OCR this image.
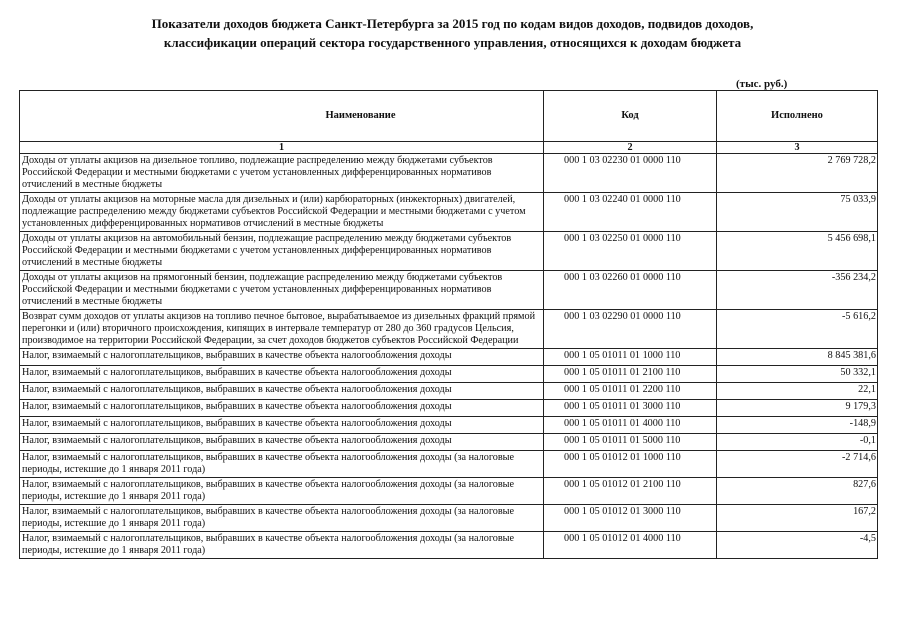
Показатели доходов бюджета Санкт-Петербурга за 2015 год по кодам видов доходов, подвидов доходов,
классификации операций сектора государственного управления, относящихся к доходам бюджета
(тыс. руб.)
Наименование	Код	Исполнено
1	2	3
Доходы от уплаты акцизов на дизельное топливо, подлежащие распределению между бюджетами субъектов Российской Федерации и местными бюджетами с учетом установленных дифференцированных нормативов отчислений в местные бюджеты	000 1 03 02230 01 0000 110	2 769 728,2
Доходы от уплаты акцизов на моторные масла для дизельных и (или) карбюраторных (инжекторных) двигателей, подлежащие распределению между бюджетами субъектов Российской Федерации и местными бюджетами с учетом установленных дифференцированных нормативов отчислений в местные бюджеты	000 1 03 02240 01 0000 110	75 033,9
Доходы от уплаты акцизов на автомобильный бензин, подлежащие распределению между бюджетами субъектов Российской Федерации и местными бюджетами с учетом установленных дифференцированных нормативов отчислений в местные бюджеты	000 1 03 02250 01 0000 110	5 456 698,1
Доходы от уплаты акцизов на прямогонный бензин, подлежащие распределению между бюджетами субъектов Российской Федерации и местными бюджетами с учетом установленных дифференцированных нормативов отчислений в местные бюджеты	000 1 03 02260 01 0000 110	-356 234,2
Возврат сумм доходов от уплаты акцизов на топливо печное бытовое, вырабатываемое из дизельных фракций прямой перегонки и (или) вторичного происхождения, кипящих в интервале температур от 280 до 360 градусов Цельсия, производимое на территории Российской Федерации, за счет доходов бюджетов субъектов Российской Федерации	000 1 03 02290 01 0000 110	-5 616,2
Налог, взимаемый с налогоплательщиков, выбравших в качестве объекта налогообложения доходы	000 1 05 01011 01 1000 110	8 845 381,6
Налог, взимаемый с налогоплательщиков, выбравших в качестве объекта налогообложения доходы	000 1 05 01011 01 2100 110	50 332,1
Налог, взимаемый с налогоплательщиков, выбравших в качестве объекта налогообложения доходы	000 1 05 01011 01 2200 110	22,1
Налог, взимаемый с налогоплательщиков, выбравших в качестве объекта налогообложения доходы	000 1 05 01011 01 3000 110	9 179,3
Налог, взимаемый с налогоплательщиков, выбравших в качестве объекта налогообложения доходы	000 1 05 01011 01 4000 110	-148,9
Налог, взимаемый с налогоплательщиков, выбравших в качестве объекта налогообложения доходы	000 1 05 01011 01 5000 110	-0,1
Налог, взимаемый с налогоплательщиков, выбравших в качестве объекта налогообложения доходы (за налоговые периоды, истекшие до 1 января 2011 года)	000 1 05 01012 01 1000 110	-2 714,6
Налог, взимаемый с налогоплательщиков, выбравших в качестве объекта налогообложения доходы (за налоговые периоды, истекшие до 1 января 2011 года)	000 1 05 01012 01 2100 110	827,6
Налог, взимаемый с налогоплательщиков, выбравших в качестве объекта налогообложения доходы (за налоговые периоды, истекшие до 1 января 2011 года)	000 1 05 01012 01 3000 110	167,2
Налог, взимаемый с налогоплательщиков, выбравших в качестве объекта налогообложения доходы (за налоговые периоды, истекшие до 1 января 2011 года)	000 1 05 01012 01 4000 110	-4,5
